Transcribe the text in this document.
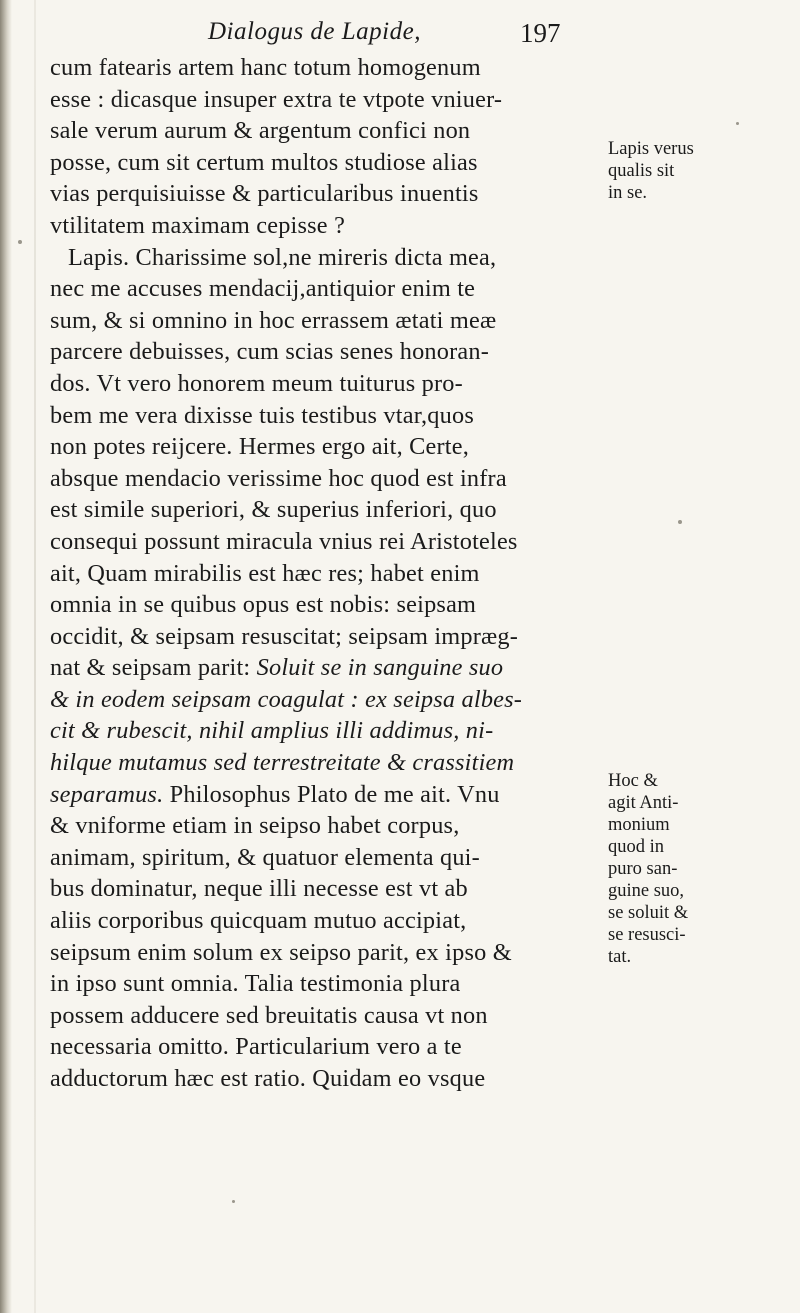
Dialogus de Lapide,	197
cum fatearis artem hanc totum homogenum
esse : dicasque insuper extra te vtpote vniuer-
sale verum aurum & argentum confici non
posse, cum sit certum multos studiose alias
vias perquisiuisse & particularibus inuentis
vtilitatem maximam cepisse ?
Lapis. Charissime sol,ne mireris dicta mea,
nec me accuses mendacij,antiquior enim te
sum, & si omnino in hoc errassem ætati meæ
parcere debuisses, cum scias senes honoran-
dos. Vt vero honorem meum tuiturus pro-
bem me vera dixisse tuis testibus vtar,quos
non potes reijcere. Hermes ergo ait, Certe,
absque mendacio verissime hoc quod est infra
est simile superiori, & superius inferiori, quo
consequi possunt miracula vnius rei Aristoteles
ait, Quam mirabilis est hæc res; habet enim
omnia in se quibus opus est nobis: seipsam
occidit, & seipsam resuscitat; seipsam impræg-
nat & seipsam parit: Soluit se in sanguine suo
& in eodem seipsam coagulat : ex seipsa albes-
cit & rubescit, nihil amplius illi addimus, ni-
hilque mutamus sed terrestreitate & crassitiem
separamus. Philosophus Plato de me ait. Vnu
& vniforme etiam in seipso habet corpus,
animam, spiritum, & quatuor elementa qui-
bus dominatur, neque illi necesse est vt ab
aliis corporibus quicquam mutuo accipiat,
seipsum enim solum ex seipso parit, ex ipso &
in ipso sunt omnia. Talia testimonia plura
possem adducere sed breuitatis causa vt non
necessaria omitto. Particularium vero a te
adductorum hæc est ratio. Quidam eo vsque
Lapis verus
qualis sit
in se.
Hoc &
agit Anti-
monium
quod in
puro san-
guine suo,
se soluit &
se resusci-
tat.
